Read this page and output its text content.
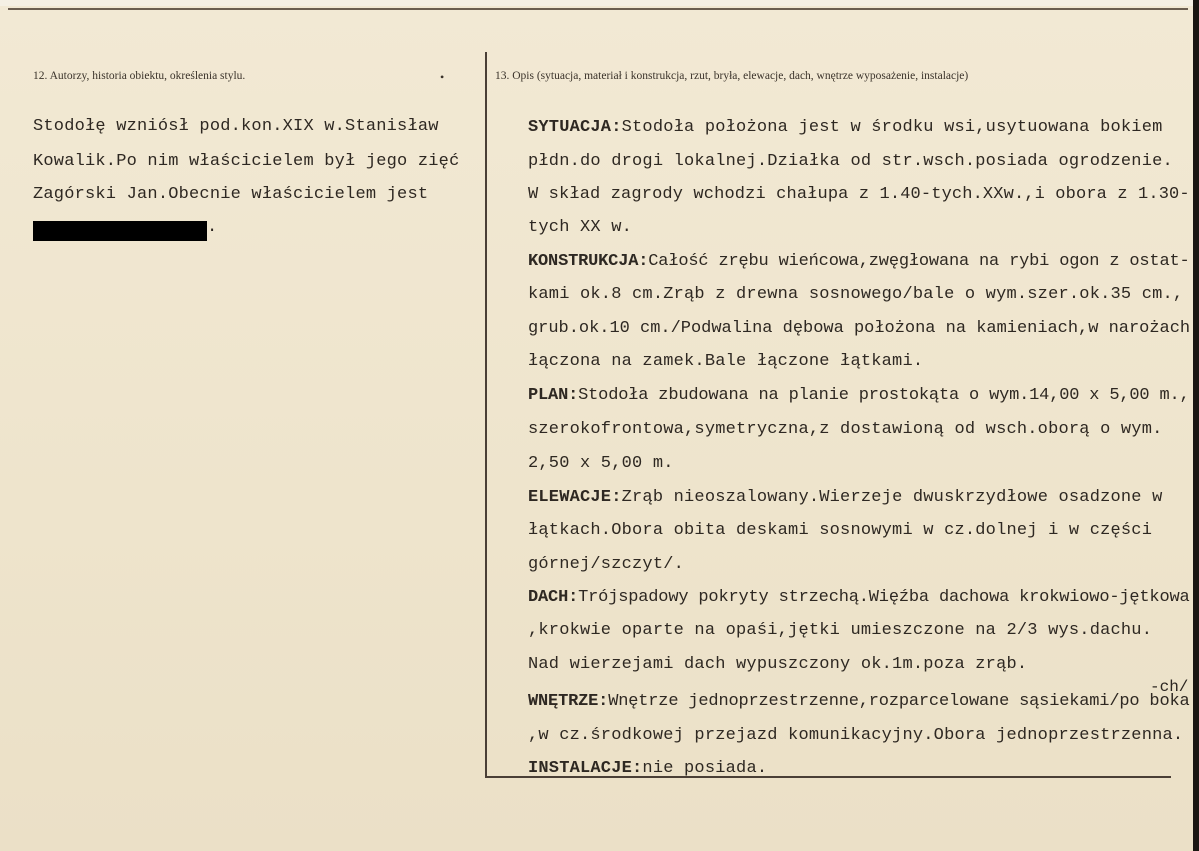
12. Autorzy, historia obiektu, określenia stylu.	•	13. Opis (sytuacja, materiał i konstrukcja, rzut, bryła, elewacje, dach, wnętrze wyposażenie, instalacje)
Stodołę wzniósł pod.kon.XIX w.Stanisław
Kowalik.Po nim właścicielem był jego zięć
Zagórski Jan.Obecnie właścicielem jest
.
SYTUACJA:Stodoła położona jest w środku wsi,usytuowana bokiem
płdn.do drogi lokalnej.Działka od str.wsch.posiada ogrodzenie.
W skład zagrody wchodzi chałupa z 1.40-tych.XXw.,i obora z 1.30-
tych XX w.
KONSTRUKCJA:Całość zrębu wieńcowa,zwęgłowana na rybi ogon z ostat-
kami ok.8 cm.Zrąb z drewna sosnowego/bale o wym.szer.ok.35 cm.,
grub.ok.10 cm./Podwalina dębowa położona na kamieniach,w narożach
łączona na zamek.Bale łączone łątkami.
PLAN:Stodoła zbudowana na planie prostokąta o wym.14,00 x 5,00 m.,
szerokofrontowa,symetryczna,z dostawioną od wsch.oborą o wym.
2,50 x 5,00 m.
ELEWACJE:Zrąb nieoszalowany.Wierzeje dwuskrzydłowe osadzone w
łątkach.Obora obita deskami sosnowymi w cz.dolnej i w części
górnej/szczyt/.
DACH:Trójspadowy pokryty strzechą.Więźba dachowa krokwiowo-jętkowa
,krokwie oparte na opaśi,jętki umieszczone na 2/3 wys.dachu.
Nad wierzejami dach wypuszczony ok.1m.poza zrąb.
WNĘTRZE:Wnętrze jednoprzestrzenne,rozparcelowane sąsiekami/po boka
,w cz.środkowej przejazd komunikacyjny.Obora jednoprzestrzenna.
INSTALACJE:nie posiada.
-ch/
